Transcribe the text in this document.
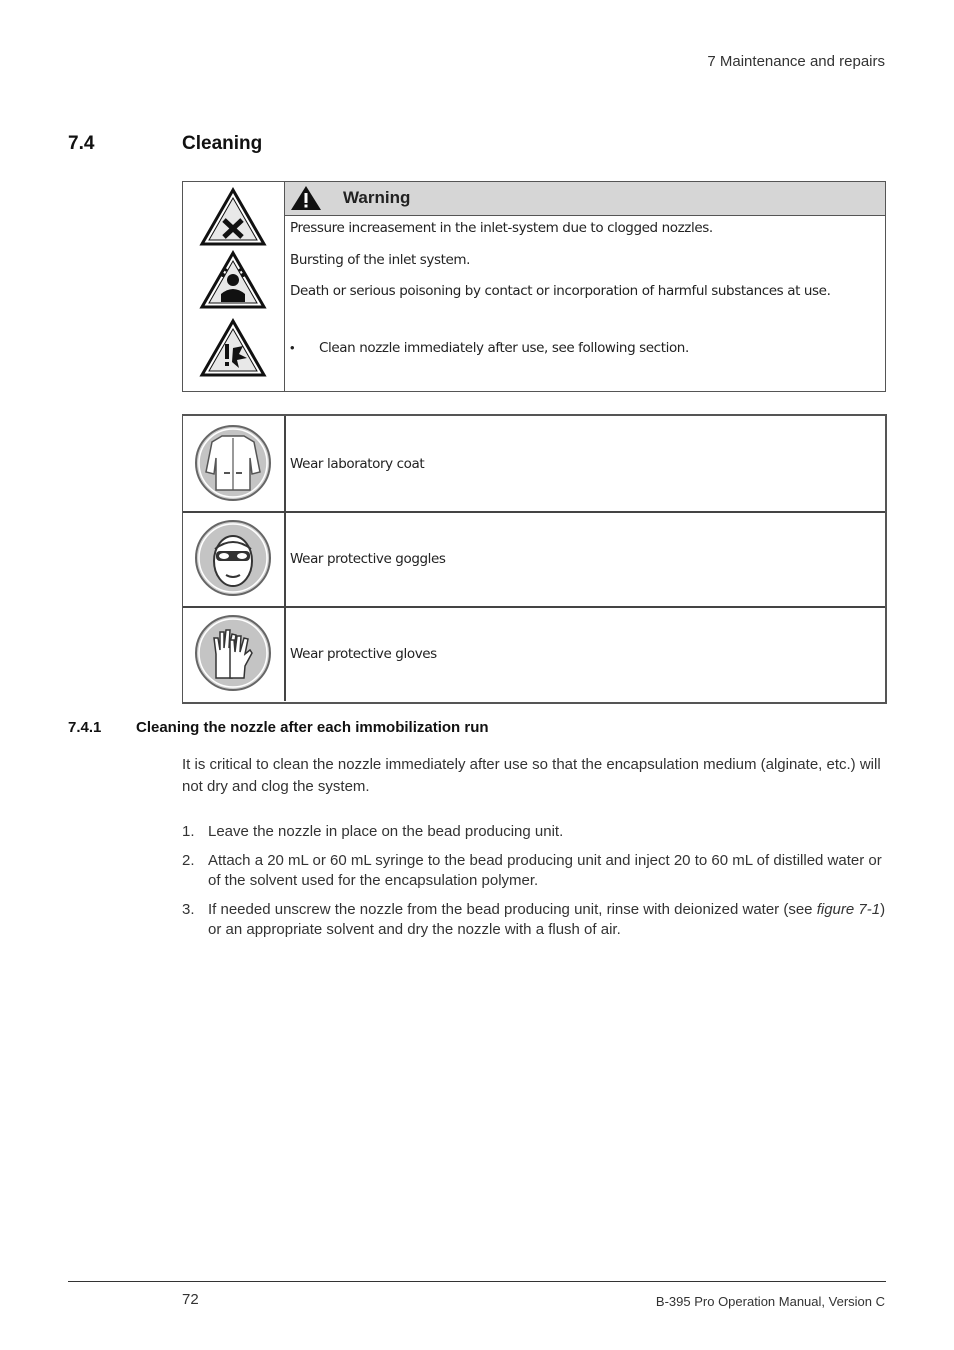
7 Maintenance and repairs
7.4	Cleaning
Warning
Pressure increasement in the inlet-system due to clogged nozzles.
Bursting of the inlet system.
Death or serious poisoning by contact or incorporation of harmful substances at use.
• Clean nozzle immediately after use, see following section.
Wear laboratory coat
Wear protective goggles
Wear protective gloves
7.4.1 Cleaning the nozzle after each immobilization run
It is critical to clean the nozzle immediately after use so that the encapsulation medium (alginate, etc.) will not dry and clog the system.
1. Leave the nozzle in place on the bead producing unit.
2. Attach a 20 mL or 60 mL syringe to the bead producing unit and inject 20 to 60 mL of distilled water or of the solvent used for the encapsulation polymer.
3. If needed unscrew the nozzle from the bead producing unit, rinse with deionized water (see figure 7-1) or an appropriate solvent and dry the nozzle with a flush of air.
72	B-395 Pro Operation Manual, Version C
